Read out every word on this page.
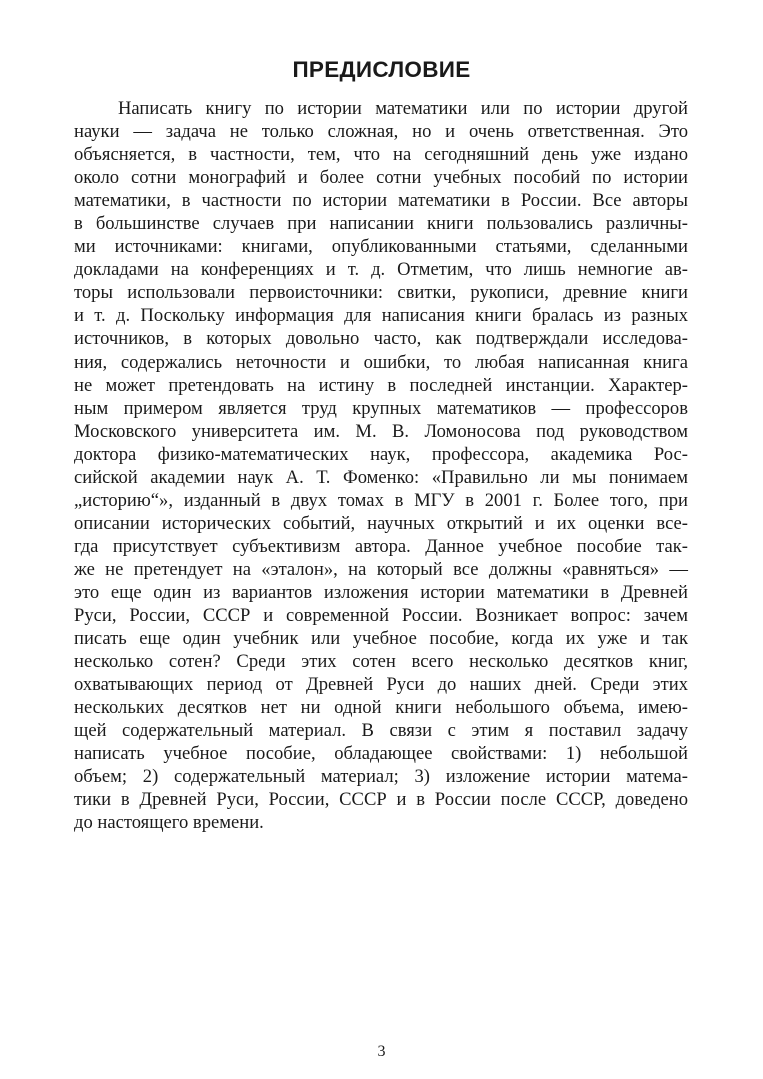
ПРЕДИСЛОВИЕ
Написать книгу по истории математики или по истории другой
науки — задача не только сложная, но и очень ответственная. Это
объясняется, в частности, тем, что на сегодняшний день уже издано
около сотни монографий и более сотни учебных пособий по истории
математики, в частности по истории математики в России. Все авторы
в большинстве случаев при написании книги пользовались различны-
ми источниками: книгами, опубликованными статьями, сделанными
докладами на конференциях и т. д. Отметим, что лишь немногие ав-
торы использовали первоисточники: свитки, рукописи, древние книги
и т. д. Поскольку информация для написания книги бралась из разных
источников, в которых довольно часто, как подтверждали исследова-
ния, содержались неточности и ошибки, то любая написанная книга
не может претендовать на истину в последней инстанции. Характер-
ным примером является труд крупных математиков — профессоров
Московского университета им. М. В. Ломоносова под руководством
доктора физико-математических наук, профессора, академика Рос-
сийской академии наук А. Т. Фоменко: «Правильно ли мы понимаем
„историю“», изданный в двух томах в МГУ в 2001 г. Более того, при
описании исторических событий, научных открытий и их оценки все-
гда присутствует субъективизм автора. Данное учебное пособие так-
же не претендует на «эталон», на который все должны «равняться» —
это еще один из вариантов изложения истории математики в Древней
Руси, России, СССР и современной России. Возникает вопрос: зачем
писать еще один учебник или учебное пособие, когда их уже и так
несколько сотен? Среди этих сотен всего несколько десятков книг,
охватывающих период от Древней Руси до наших дней. Среди этих
нескольких десятков нет ни одной книги небольшого объема, имею-
щей содержательный материал. В связи с этим я поставил задачу
написать учебное пособие, обладающее свойствами: 1) небольшой
объем; 2) содержательный материал; 3) изложение истории матема-
тики в Древней Руси, России, СССР и в России после СССР, доведено
до настоящего времени.
3
